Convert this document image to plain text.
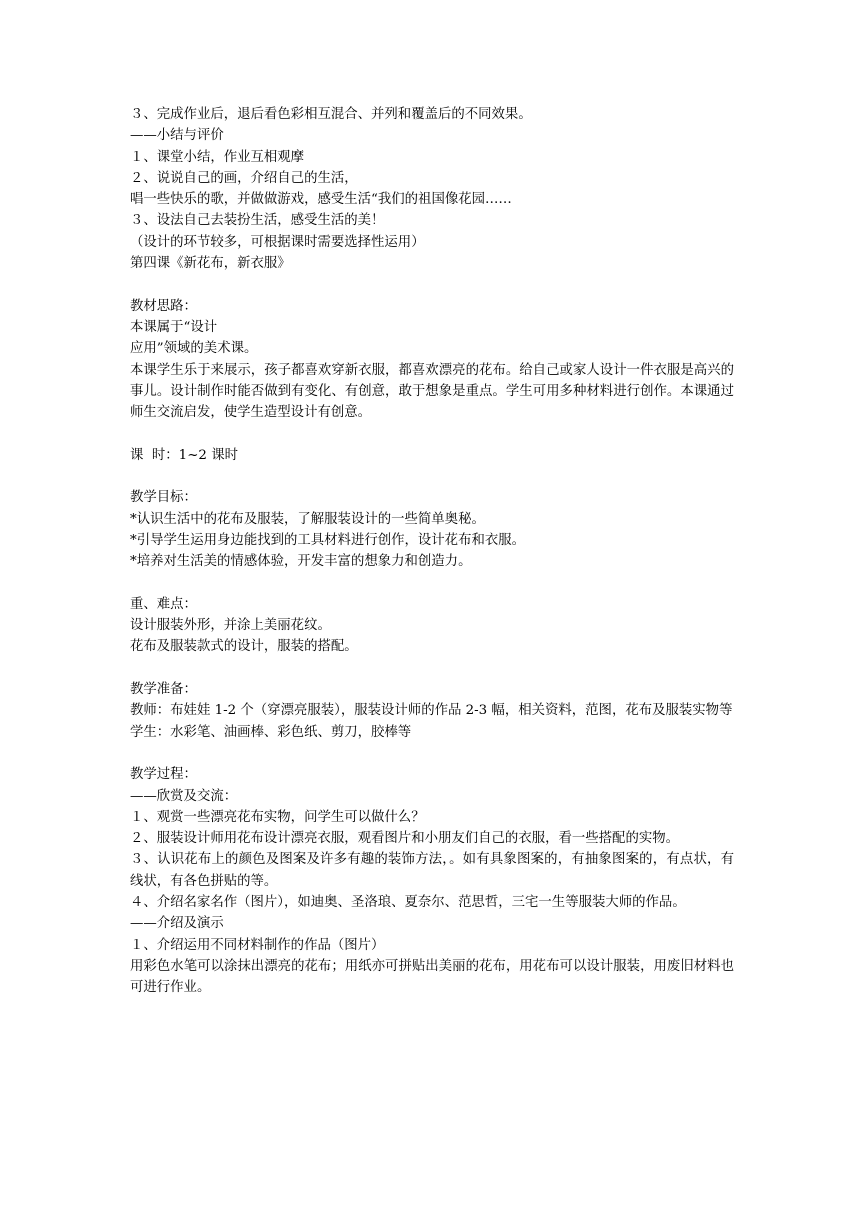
３、完成作业后，退后看色彩相互混合、并列和覆盖后的不同效果。
——小结与评价
１、课堂小结，作业互相观摩
２、说说自己的画，介绍自己的生活，
唱一些快乐的歌，并做做游戏，感受生活“我们的祖国像花园……
３、设法自己去装扮生活，感受生活的美！
（设计的环节较多，可根据课时需要选择性运用）
第四课《新花布，新衣服》
教材思路：
本课属于“设计
应用”领域的美术课。
本课学生乐于来展示，孩子都喜欢穿新衣服，都喜欢漂亮的花布。给自己或家人设计一件衣服是高兴的事儿。设计制作时能否做到有变化、有创意，敢于想象是重点。学生可用多种材料进行创作。本课通过师生交流启发，使学生造型设计有创意。
课  时：1~2 课时
教学目标：
*认识生活中的花布及服装，了解服装设计的一些简单奥秘。
*引导学生运用身边能找到的工具材料进行创作，设计花布和衣服。
*培养对生活美的情感体验，开发丰富的想象力和创造力。
重、难点：
设计服装外形，并涂上美丽花纹。
花布及服装款式的设计，服装的搭配。
教学准备：
教师：布娃娃 1-2 个（穿漂亮服装），服装设计师的作品 2-3 幅，相关资料，范图，花布及服装实物等
学生：水彩笔、油画棒、彩色纸、剪刀，胶棒等
教学过程：
——欣赏及交流：
１、观赏一些漂亮花布实物，问学生可以做什么？
２、服装设计师用花布设计漂亮衣服，观看图片和小朋友们自己的衣服，看一些搭配的实物。
３、认识花布上的颜色及图案及许多有趣的装饰方法，。如有具象图案的，有抽象图案的，有点状，有线状，有各色拼贴的等。
４、介绍名家名作（图片），如迪奥、圣洛琅、夏奈尔、范思哲，三宅一生等服装大师的作品。
——介绍及演示
１、介绍运用不同材料制作的作品（图片）
用彩色水笔可以涂抹出漂亮的花布；用纸亦可拼贴出美丽的花布，用花布可以设计服装，用废旧材料也可进行作业。
